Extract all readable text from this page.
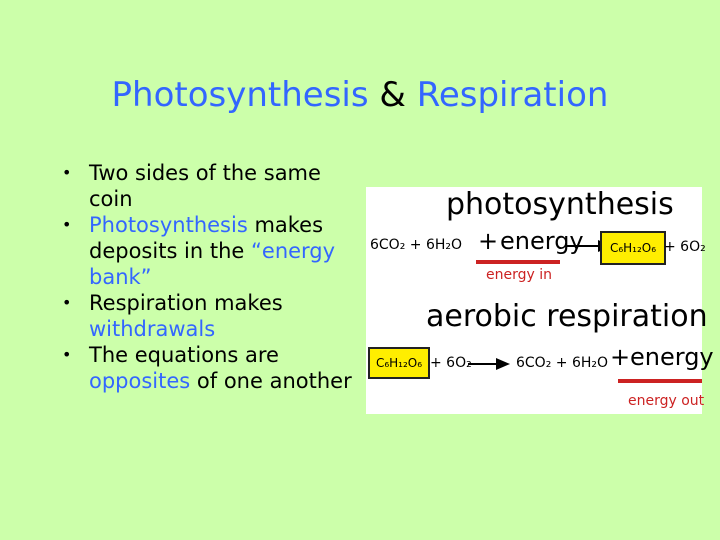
Photosynthesis & Respiration
• Two sides of the same coin
• Photosynthesis makes deposits in the “energy bank”
• Respiration makes withdrawals
• The equations are opposites of one another
photosynthesis
6CO₂ + 6H₂O + energy	C₆H₁₂O₆ + 6O₂
energy in
aerobic respiration
C₆H₁₂O₆ + 6O₂	6CO₂ + 6H₂O + energy
energy out
